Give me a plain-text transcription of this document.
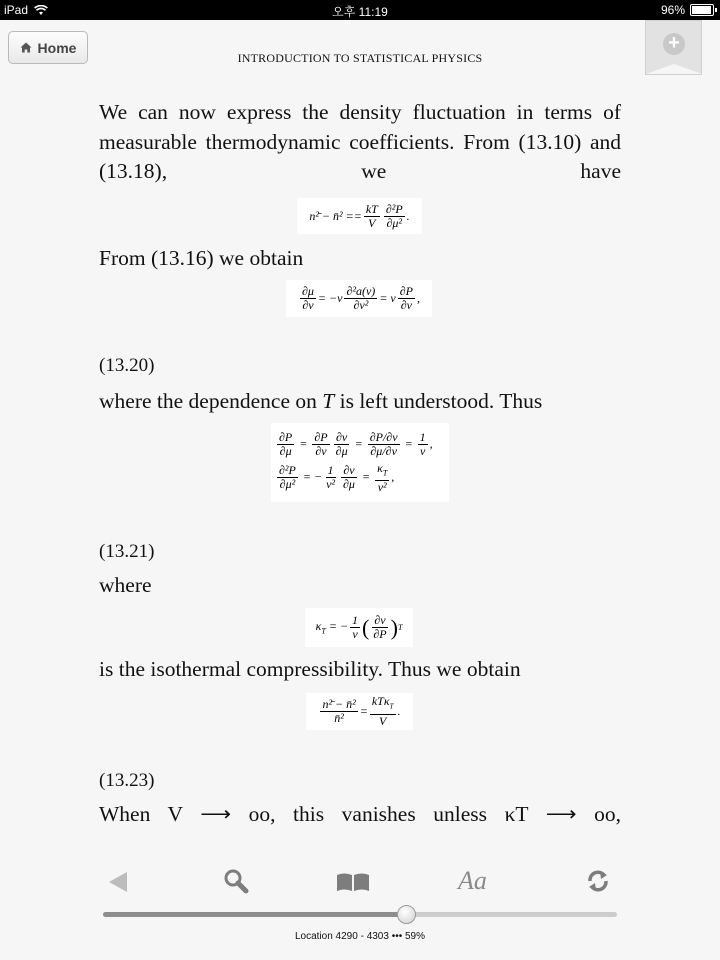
iPad	오후 11:19	96%
Home
INTRODUCTION TO STATISTICAL PHYSICS
+

We can now express the density fluctuation in terms of measurable thermodynamic coefficients. From (13.10) and (13.18), we have

n²̄ − n̄² == $\frac{kT}{V} \frac{\text{∂²P}}{\text{∂μ²}}$ .

From (13.16) we obtain

$\frac{\partial\mu}{\partial v} = -v \frac{\text{∂²a(v)}}{\text{∂v²}} = v \frac{\partial P}{\partial v}$ ,

(13.20)

where the dependence on T is left understood. Thus

$\frac{\partial P}{\partial\mu} = \frac{\partial P}{\partial v} \frac{\partial v}{\partial\mu} = \frac{\partial P/\partial v}{\partial\mu/\partial v} = \frac{1}{v}$ ,
$\frac{\text{∂²P}}{\text{∂μ²}}$ = − $\frac{1}{\text{v²}} \frac{\partial v}{\partial\mu} = \frac{\kappa_T}{\text{v²}}$ ,

(13.21)

where

$\kappa_T$ = − $\frac{1}{v}$ ( $\frac{\partial v}{\partial P}$ ) T

is the isothermal compressibility. Thus we obtain

$\frac{\text{n²̄ − n̄²}}{\text{n̄²}} = \frac{kT\kappa_T}{V}$ .

(13.23)

When V ⟶ oo, this vanishes unless κT ⟶ oo,

Aa
Location 4290 - 4303 ••• 59%
